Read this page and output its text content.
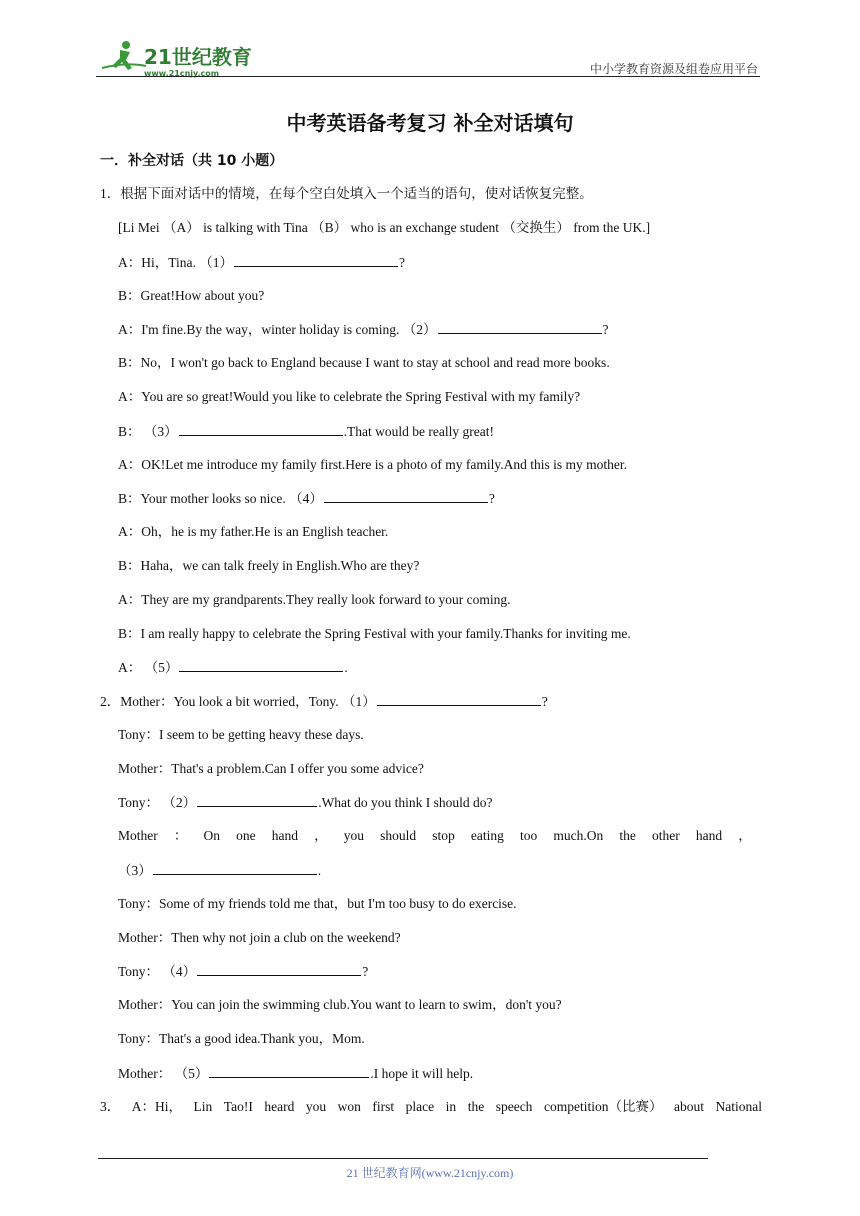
21世纪教育
www.21cnjy.com	中小学教育资源及组卷应用平台
中考英语备考复习 补全对话填句
一．补全对话（共 10 小题）
1．根据下面对话中的情境，在每个空白处填入一个适当的语句，使对话恢复完整。
[Li Mei （A） is talking with Tina （B） who is an exchange student （交换生） from the UK.]
A：Hi，Tina. （1）	?
B：Great!How about you?
A：I'm fine.By the way，winter holiday is coming. （2）	?
B：No，I won't go back to England because I want to stay at school and read more books.
A：You are so great!Would you like to celebrate the Spring Festival with my family?
B： （3）	.That would be really great!
A：OK!Let me introduce my family first.Here is a photo of my family.And this is my mother.
B：Your mother looks so nice. （4）	?
A：Oh，he is my father.He is an English teacher.
B：Haha，we can talk freely in English.Who are they?
A：They are my grandparents.They really look forward to your coming.
B：I am really happy to celebrate the Spring Festival with your family.Thanks for inviting me.
A： （5）	.
2．Mother：You look a bit worried，Tony. （1）	?
Tony：I seem to be getting heavy these days.
Mother：That's a problem.Can I offer you some advice?
Tony： （2）	.What do you think I should do?
Mother ： On one hand ， you should stop eating too much.On the other hand ，
（3）	.
Tony：Some of my friends told me that，but I'm too busy to do exercise.
Mother：Then why not join a club on the weekend?
Tony： （4）	?
Mother：You can join the swimming club.You want to learn to swim，don't you?
Tony：That's a good idea.Thank you，Mom.
Mother： （5）	.I hope it will help.
3． A：Hi， Lin Tao!I heard you won first place in the speech competition（比赛） about National
21 世纪教育网(www.21cnjy.com)
